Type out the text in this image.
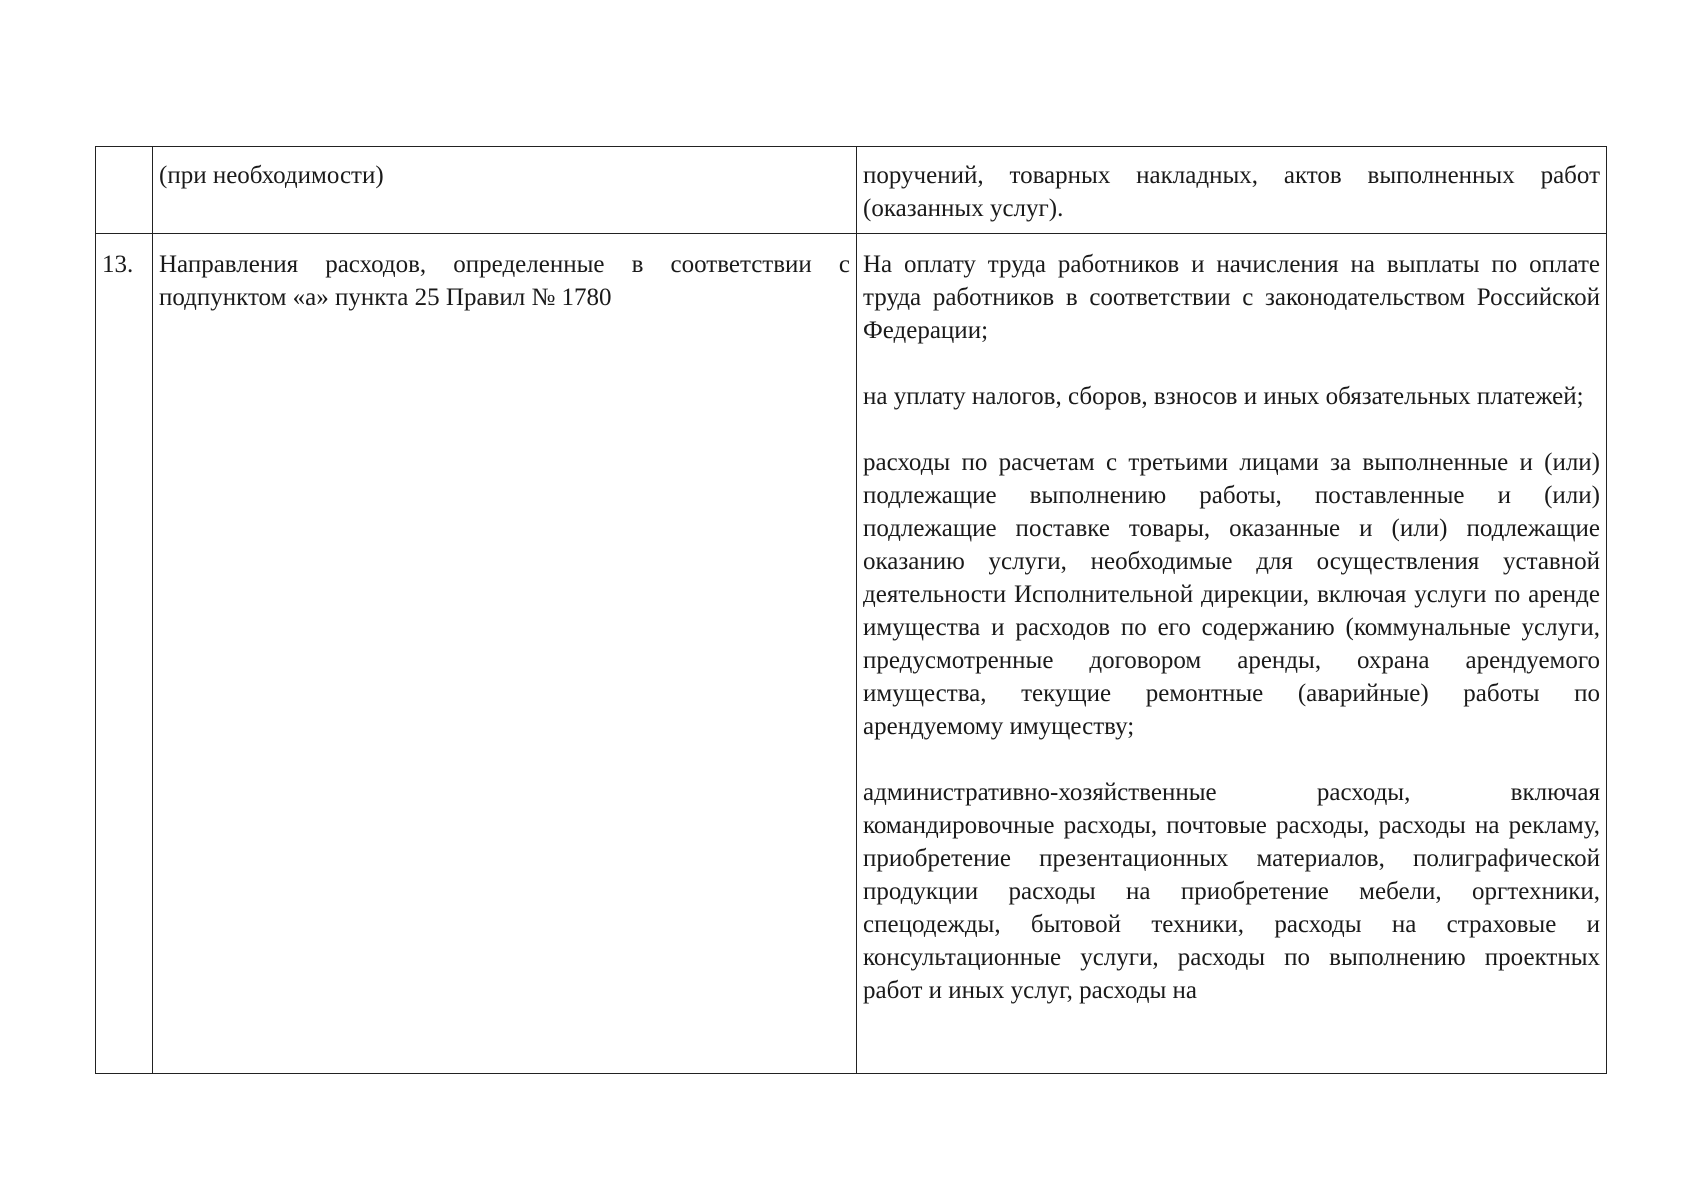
	(при необходимости)	поручений, товарных накладных, актов выполненных работ (оказанных услуг).

13.	Направления расходов, определенные в соответствии с подпунктом «а» пункта 25 Правил № 1780	На оплату труда работников и начисления на выплаты по оплате труда работников в соответствии с законодательством Российской Федерации;

на уплату налогов, сборов, взносов и иных обязательных платежей;

расходы по расчетам с третьими лицами за выполненные и (или) подлежащие выполнению работы, поставленные и (или) подлежащие поставке товары, оказанные и (или) подлежащие оказанию услуги, необходимые для осуществления уставной деятельности Исполнительной дирекции, включая услуги по аренде имущества и расходов по его содержанию (коммунальные услуги, предусмотренные договором аренды, охрана арендуемого имущества, текущие ремонтные (аварийные) работы по арендуемому имуществу;

административно-хозяйственные расходы, включая командировочные расходы, почтовые расходы, расходы на рекламу, приобретение презентационных материалов, полиграфической продукции расходы на приобретение мебели, оргтехники, спецодежды, бытовой техники, расходы на страховые и консультационные услуги, расходы по выполнению проектных работ и иных услуг, расходы на
